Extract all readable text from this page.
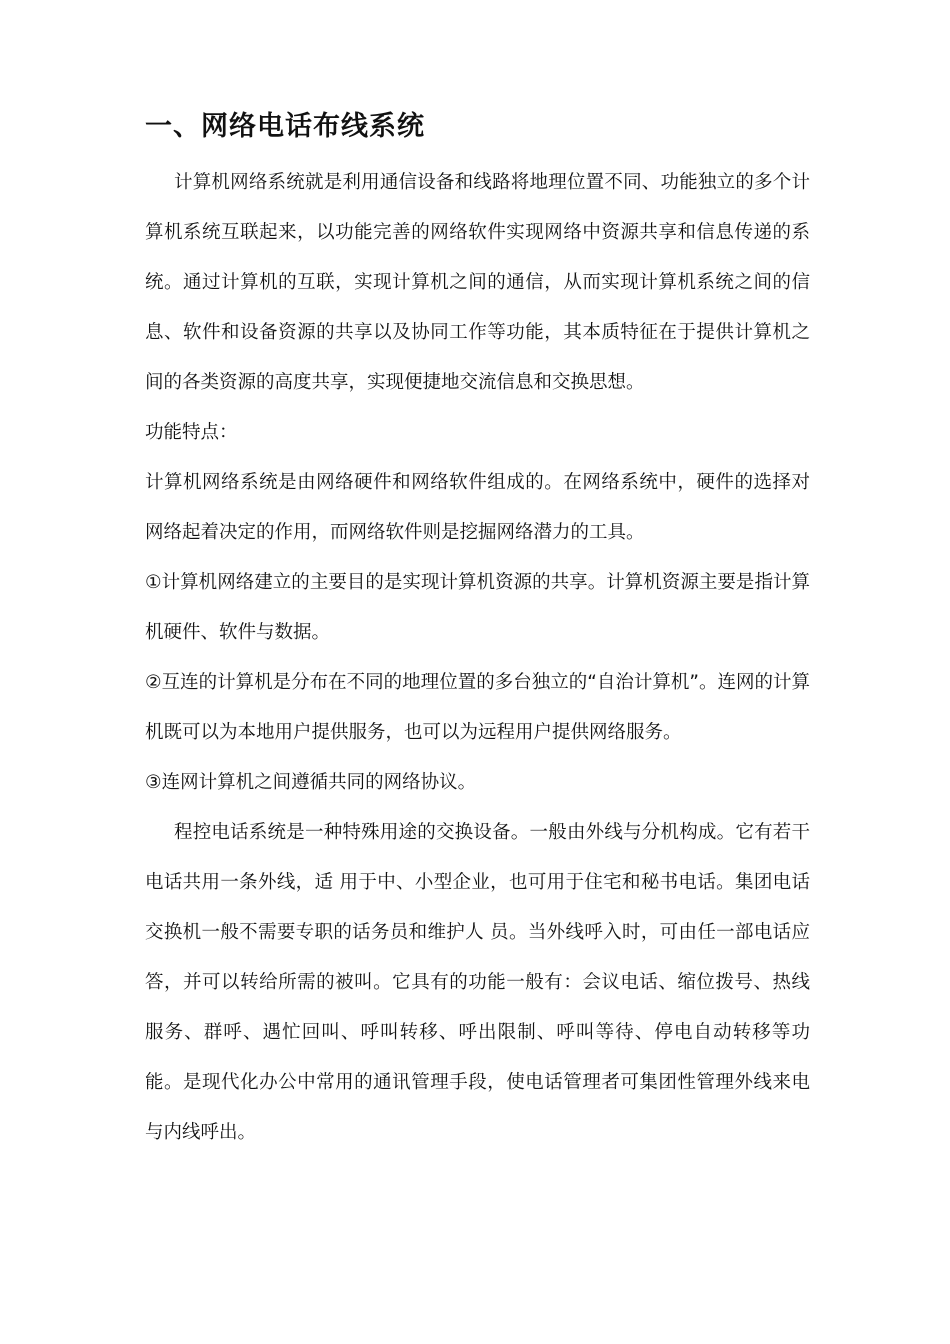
一、网络电话布线系统

计算机网络系统就是利用通信设备和线路将地理位置不同、功能独立的多个计算机系统互联起来，以功能完善的网络软件实现网络中资源共享和信息传递的系统。通过计算机的互联，实现计算机之间的通信，从而实现计算机系统之间的信息、软件和设备资源的共享以及协同工作等功能，其本质特征在于提供计算机之间的各类资源的高度共享，实现便捷地交流信息和交换思想。

功能特点：

计算机网络系统是由网络硬件和网络软件组成的。在网络系统中，硬件的选择对网络起着决定的作用，而网络软件则是挖掘网络潜力的工具。

①计算机网络建立的主要目的是实现计算机资源的共享。计算机资源主要是指计算机硬件、软件与数据。

②互连的计算机是分布在不同的地理位置的多台独立的“自治计算机”。连网的计算机既可以为本地用户提供服务，也可以为远程用户提供网络服务。

③连网计算机之间遵循共同的网络协议。

程控电话系统是一种特殊用途的交换设备。一般由外线与分机构成。它有若干电话共用一条外线，适 用于中、小型企业，也可用于住宅和秘书电话。集团电话交换机一般不需要专职的话务员和维护人 员。当外线呼入时，可由任一部电话应答，并可以转给所需的被叫。它具有的功能一般有：会议电话、缩位拨号、热线服务、群呼、遇忙回叫、呼叫转移、呼出限制、呼叫等待、停电自动转移等功能。是现代化办公中常用的通讯管理手段，使电话管理者可集团性管理外线来电与内线呼出。
